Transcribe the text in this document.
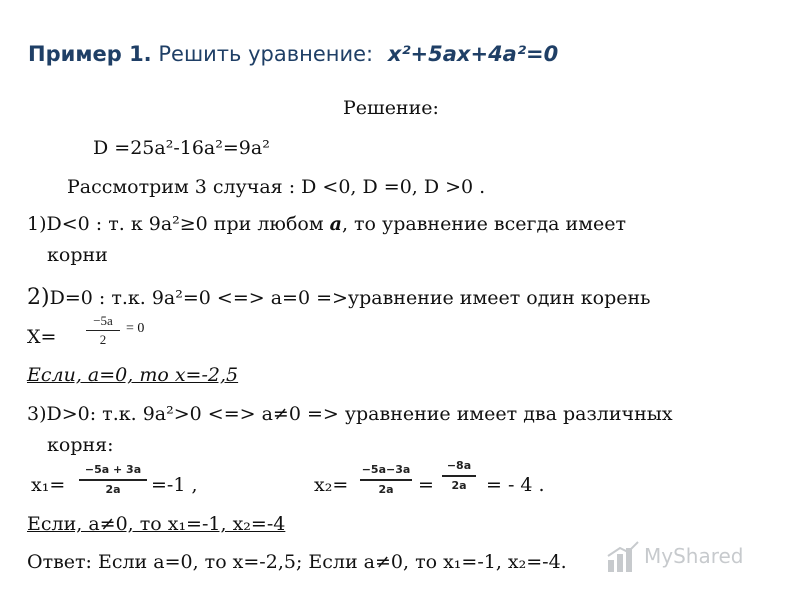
Пример 1. Решить уравнение: x²+5ax+4a²=0
Решение:
D =25a²-16a²=9a²
Рассмотрим 3 случая : D <0, D =0, D >0 .
1)D<0 : т. к 9a²≥0 при любом a, то уравнение всегда имеет
корни
2)D=0 : т.к. 9a²=0 <=> a=0 =>уравнение имеет один корень
X=
−5a
2
= 0
Если, a=0, то x=-2,5
3)D>0: т.к. 9a²>0 <=> a≠0 => уравнение имеет два различных
корня:
x₁=
−5a + 3a
2a	=-1 ,	x₂=
−5a−3a
2a	=
−8a
2a	= - 4 .
Если, a≠0, то x₁=-1, x₂=-4
Ответ: Если a=0, то x=-2,5; Если a≠0, то x₁=-1, x₂=-4.	MyShared
